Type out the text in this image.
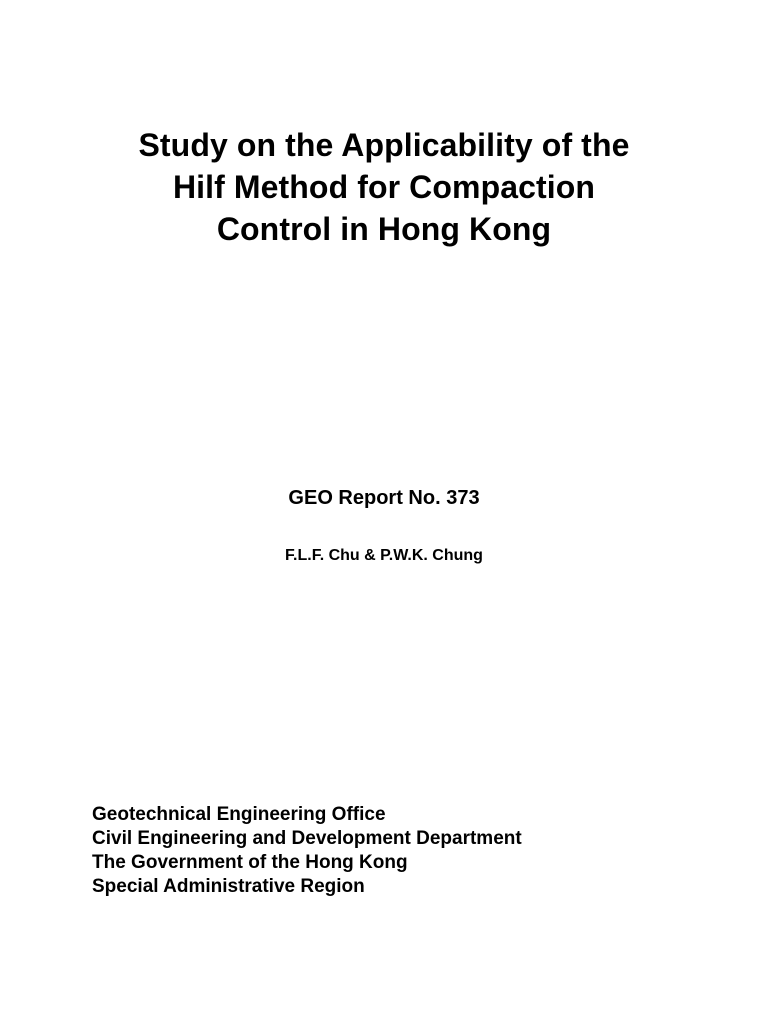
Study on the Applicability of the
Hilf Method for Compaction
Control in Hong Kong
GEO Report No. 373
F.L.F. Chu & P.W.K. Chung
Geotechnical Engineering Office
Civil Engineering and Development Department
The Government of the Hong Kong
Special Administrative Region
